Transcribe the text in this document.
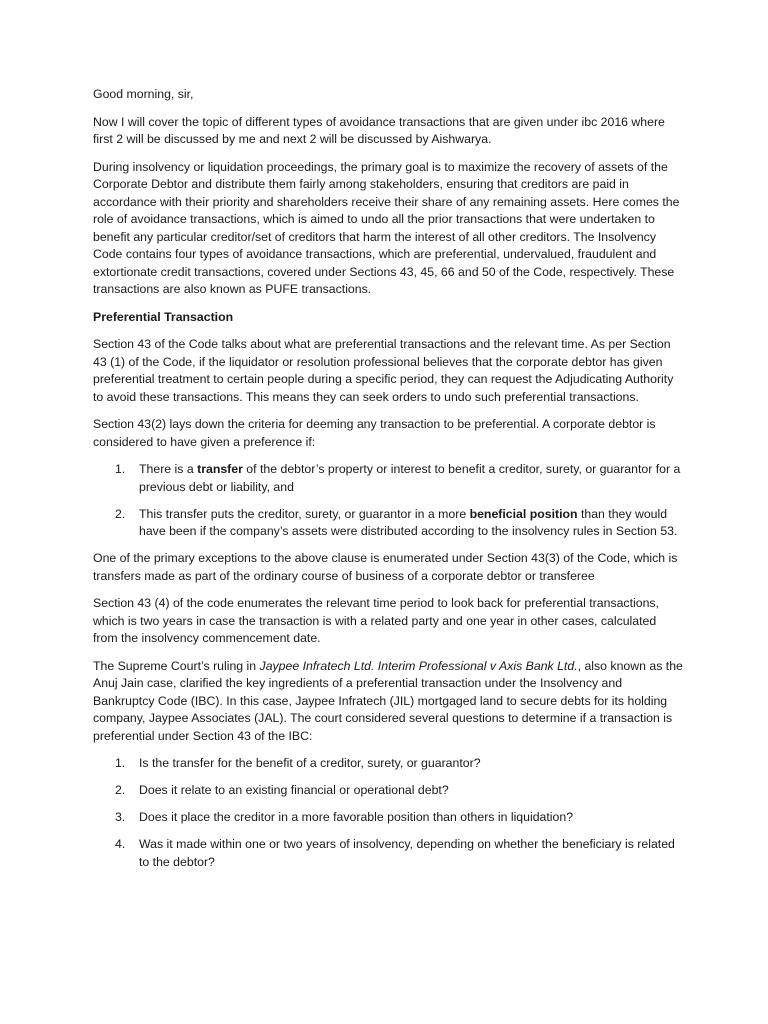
Good morning, sir,

Now I will cover the topic of different types of avoidance transactions that are given under ibc 2016 where first 2 will be discussed by me and next 2 will be discussed by Aishwarya.

During insolvency or liquidation proceedings, the primary goal is to maximize the recovery of assets of the Corporate Debtor and distribute them fairly among stakeholders, ensuring that creditors are paid in accordance with their priority and shareholders receive their share of any remaining assets. Here comes the role of avoidance transactions, which is aimed to undo all the prior transactions that were undertaken to benefit any particular creditor/set of creditors that harm the interest of all other creditors. The Insolvency Code contains four types of avoidance transactions, which are preferential, undervalued, fraudulent and extortionate credit transactions, covered under Sections 43, 45, 66 and 50 of the Code, respectively. These transactions are also known as PUFE transactions.

Preferential Transaction

Section 43 of the Code talks about what are preferential transactions and the relevant time. As per Section 43 (1) of the Code, if the liquidator or resolution professional believes that the corporate debtor has given preferential treatment to certain people during a specific period, they can request the Adjudicating Authority to avoid these transactions. This means they can seek orders to undo such preferential transactions.

Section 43(2) lays down the criteria for deeming any transaction to be preferential. A corporate debtor is considered to have given a preference if:

1. There is a transfer of the debtor’s property or interest to benefit a creditor, surety, or guarantor for a previous debt or liability, and
2. This transfer puts the creditor, surety, or guarantor in a more beneficial position than they would have been if the company’s assets were distributed according to the insolvency rules in Section 53.

One of the primary exceptions to the above clause is enumerated under Section 43(3) of the Code, which is transfers made as part of the ordinary course of business of a corporate debtor or transferee

Section 43 (4) of the code enumerates the relevant time period to look back for preferential transactions, which is two years in case the transaction is with a related party and one year in other cases, calculated from the insolvency commencement date.

The Supreme Court’s ruling in Jaypee Infratech Ltd. Interim Professional v Axis Bank Ltd., also known as the Anuj Jain case, clarified the key ingredients of a preferential transaction under the Insolvency and Bankruptcy Code (IBC). In this case, Jaypee Infratech (JIL) mortgaged land to secure debts for its holding company, Jaypee Associates (JAL). The court considered several questions to determine if a transaction is preferential under Section 43 of the IBC:

1. Is the transfer for the benefit of a creditor, surety, or guarantor?
2. Does it relate to an existing financial or operational debt?
3. Does it place the creditor in a more favorable position than others in liquidation?
4. Was it made within one or two years of insolvency, depending on whether the beneficiary is related to the debtor?
